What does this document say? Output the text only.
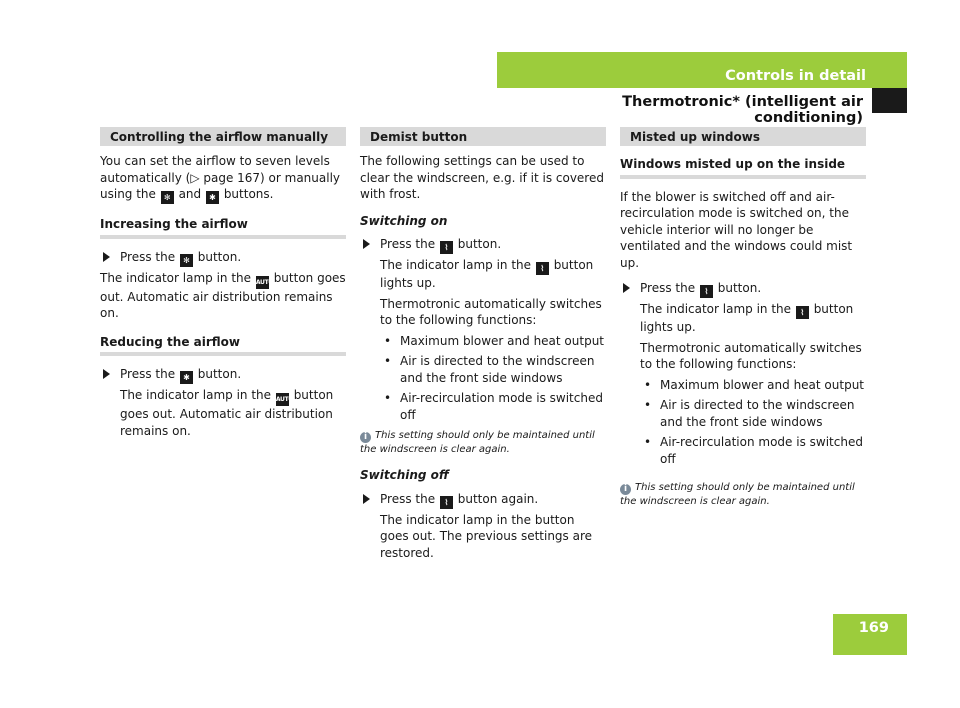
Controls in detail
Thermotronic* (intelligent air conditioning)
169
Controlling the airflow manually

You can set the airflow to seven levels automatically (▷ page 167) or manually using the ✻ and ✱ buttons.

Increasing the airflow
Press the ✻ button.

The indicator lamp in the AUTO button goes out. Automatic air distribution remains on.

Reducing the airflow
Press the ✱ button.

The indicator lamp in the AUTO button goes out. Automatic air distribution remains on.

Demist button

The following settings can be used to clear the windscreen, e.g. if it is covered with frost.

Switching on
Press the ⌇ button.

The indicator lamp in the ⌇ button lights up.

Thermotronic automatically switches to the following functions:

• Maximum blower and heat output
• Air is directed to the windscreen and the front side windows
• Air-recirculation mode is switched off

i This setting should only be maintained until the windscreen is clear again.

Switching off
Press the ⌇ button again.

The indicator lamp in the button goes out. The previous settings are restored.

Misted up windows
Windows misted up on the inside

If the blower is switched off and air-recirculation mode is switched on, the vehicle interior will no longer be ventilated and the windows could mist up.

Press the ⌇ button.

The indicator lamp in the ⌇ button lights up.

Thermotronic automatically switches to the following functions:

• Maximum blower and heat output
• Air is directed to the windscreen and the front side windows
• Air-recirculation mode is switched off

i This setting should only be maintained until the windscreen is clear again.
